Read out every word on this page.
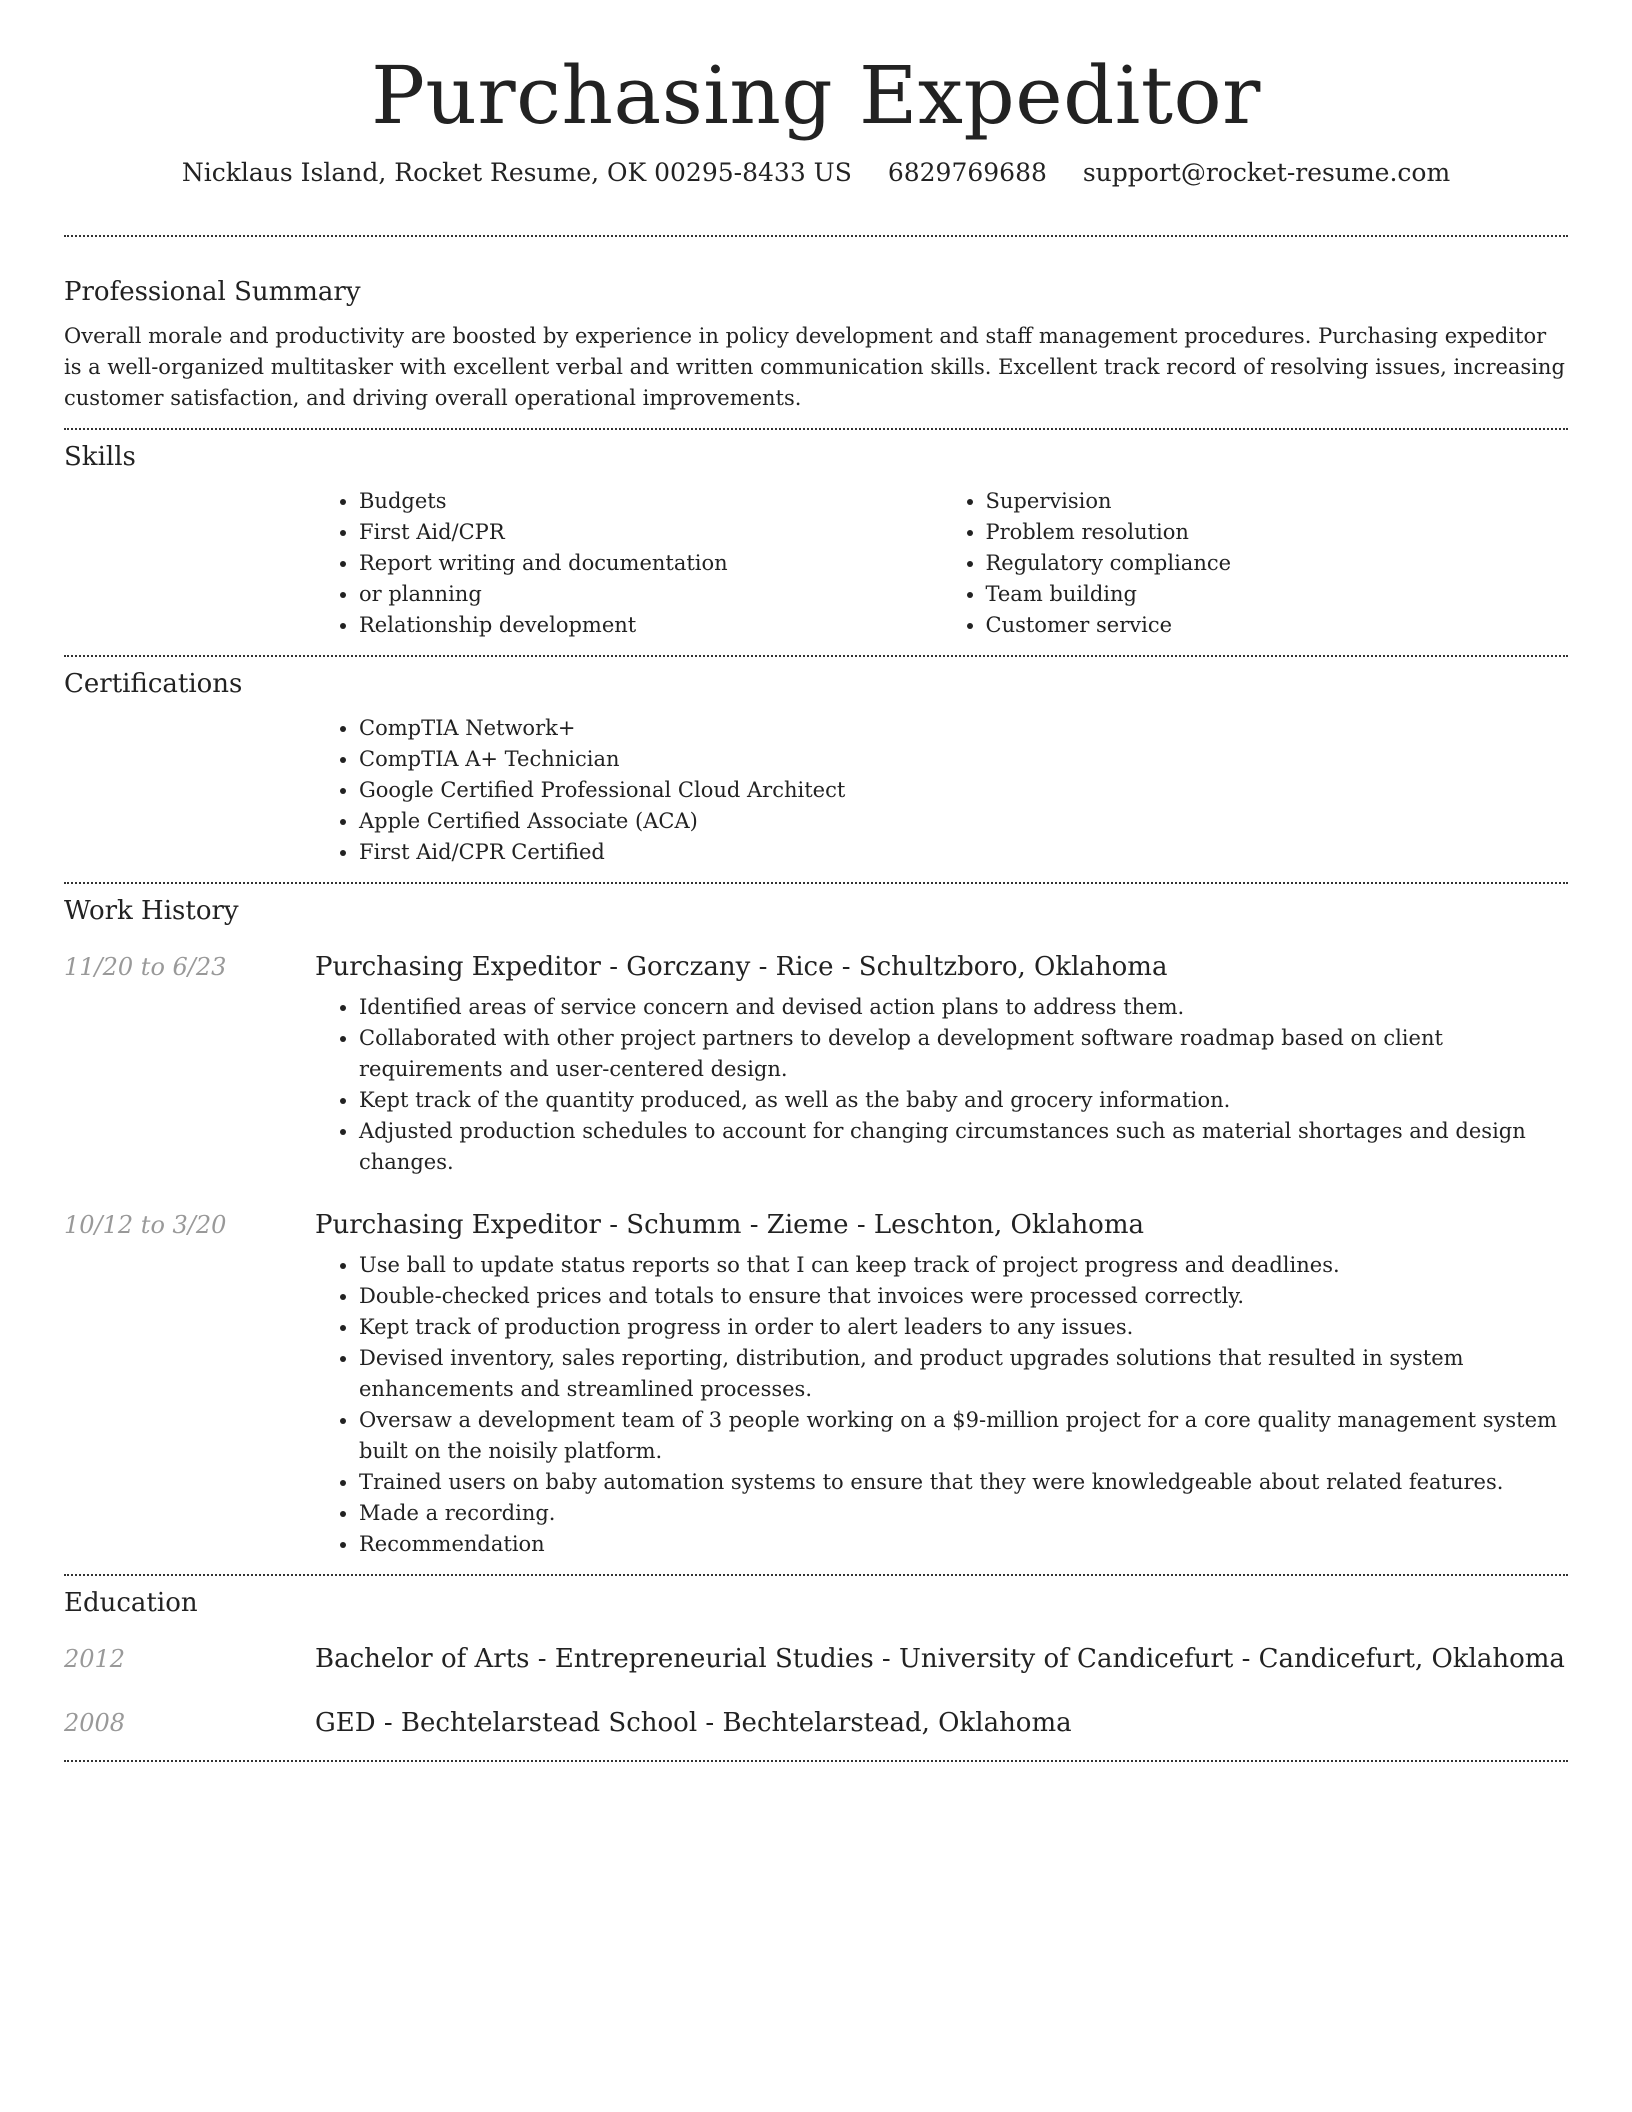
Purchasing Expeditor
Nicklaus Island, Rocket Resume, OK 00295-8433 US 6829769688 support@rocket-resume.com
Professional Summary

Overall morale and productivity are boosted by experience in policy development and staff management procedures. Purchasing expeditor is a well-organized multitasker with excellent verbal and written communication skills. Excellent track record of resolving issues, increasing customer satisfaction, and driving overall operational improvements.

Skills
• Budgets
• First Aid/CPR
• Report writing and documentation
• or planning
• Relationship development
• Supervision
• Problem resolution
• Regulatory compliance
• Team building
• Customer service
Certifications
• CompTIA Network+
• CompTIA A+ Technician
• Google Certified Professional Cloud Architect
• Apple Certified Associate (ACA)
• First Aid/CPR Certified
Work History
11/20 to 6/23	Purchasing Expeditor - Gorczany - Rice - Schultzboro, Oklahoma
• Identified areas of service concern and devised action plans to address them.
• Collaborated with other project partners to develop a development software roadmap based on client requirements and user-centered design.
• Kept track of the quantity produced, as well as the baby and grocery information.
• Adjusted production schedules to account for changing circumstances such as material shortages and design changes.
10/12 to 3/20	Purchasing Expeditor - Schumm - Zieme - Leschton, Oklahoma
• Use ball to update status reports so that I can keep track of project progress and deadlines.
• Double-checked prices and totals to ensure that invoices were processed correctly.
• Kept track of production progress in order to alert leaders to any issues.
• Devised inventory, sales reporting, distribution, and product upgrades solutions that resulted in system enhancements and streamlined processes.
• Oversaw a development team of 3 people working on a $9-million project for a core quality management system built on the noisily platform.
• Trained users on baby automation systems to ensure that they were knowledgeable about related features.
• Made a recording.
• Recommendation
Education
2012	Bachelor of Arts - Entrepreneurial Studies - University of Candicefurt - Candicefurt, Oklahoma
2008	GED - Bechtelarstead School - Bechtelarstead, Oklahoma
